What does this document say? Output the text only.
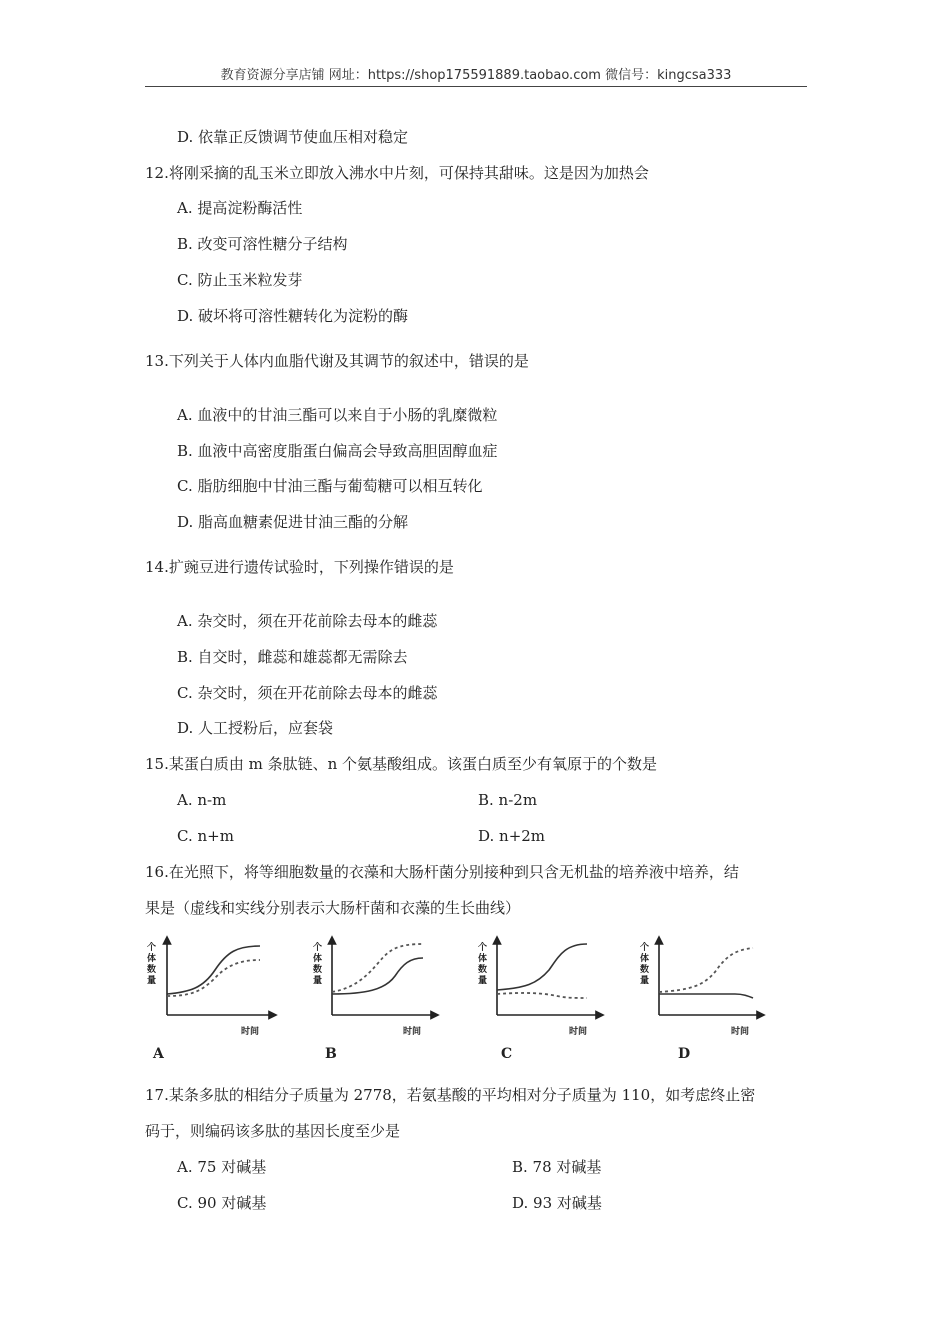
教育资源分享店铺 网址：https://shop175591889.taobao.com 微信号：kingcsa333
D. 依靠正反馈调节使血压相对稳定
12.将刚采摘的乱玉米立即放入沸水中片刻，可保持其甜味。这是因为加热会
A. 提高淀粉酶活性
B. 改变可溶性糖分子结构
C. 防止玉米粒发芽
D. 破坏将可溶性糖转化为淀粉的酶
13.下列关于人体内血脂代谢及其调节的叙述中，错误的是
A. 血液中的甘油三酯可以来自于小肠的乳糜微粒
B. 血液中高密度脂蛋白偏高会导致高胆固醇血症
C. 脂肪细胞中甘油三酯与葡萄糖可以相互转化
D. 脂高血糖素促进甘油三酯的分解
14.扩豌豆进行遗传试验时，下列操作错误的是
A. 杂交时，须在开花前除去母本的雌蕊
B. 自交时，雌蕊和雄蕊都无需除去
C. 杂交时，须在开花前除去母本的雌蕊
D. 人工授粉后，应套袋
15.某蛋白质由 m 条肽链、n 个氨基酸组成。该蛋白质至少有氧原于的个数是
A. n-m	B. n-2m
C. n+m	D. n+2m
16.在光照下，将等细胞数量的衣藻和大肠杆菌分别接种到只含无机盐的培养液中培养，结
果是（虚线和实线分别表示大肠杆菌和衣藻的生长曲线）
个
体
数
量
时间
A
个
体
数
量
时间
B
个
体
数
量
时间
C
个
体
数
量
时间
D
17.某条多肽的相结分子质量为 2778，若氨基酸的平均相对分子质量为 110，如考虑终止密
码于，则编码该多肽的基因长度至少是
A. 75 对碱基	B. 78 对碱基
C. 90 对碱基	D. 93 对碱基
